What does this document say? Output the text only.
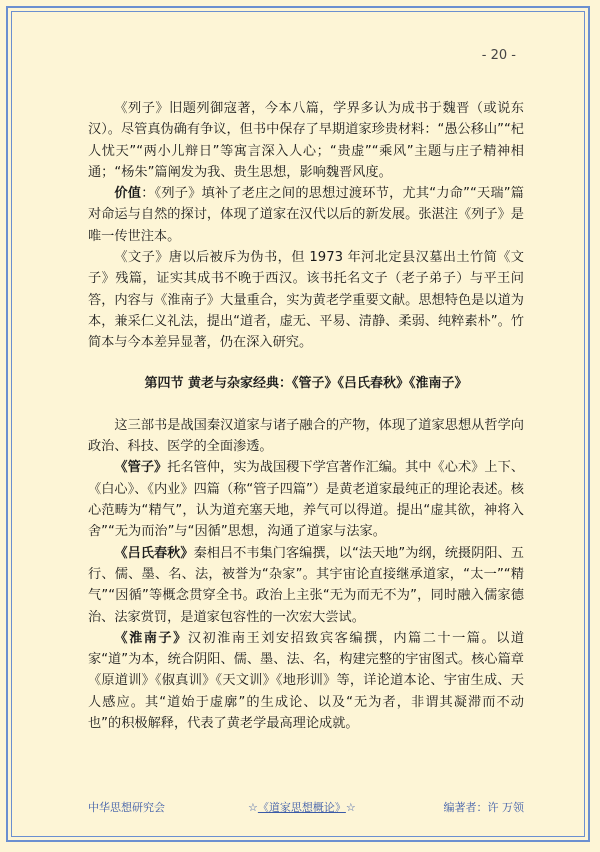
- 20 -

《列子》旧题列御寇著，今本八篇，学界多认为成书于魏晋（或说东汉）。尽管真伪确有争议，但书中保存了早期道家珍贵材料：“愚公移山”“杞人忧天”“两小儿辩日”等寓言深入人心；“贵虚”“乘风”主题与庄子精神相通；“杨朱”篇阐发为我、贵生思想，影响魏晋风度。

价值：《列子》填补了老庄之间的思想过渡环节，尤其“力命”“天瑞”篇对命运与自然的探讨，体现了道家在汉代以后的新发展。张湛注《列子》是唯一传世注本。

《文子》唐以后被斥为伪书，但 1973 年河北定县汉墓出土竹简《文子》残篇，证实其成书不晚于西汉。该书托名文子（老子弟子）与平王问答，内容与《淮南子》大量重合，实为黄老学重要文献。思想特色是以道为本，兼采仁义礼法，提出“道者，虚无、平易、清静、柔弱、纯粹素朴”。竹简本与今本差异显著，仍在深入研究。

第四节 黄老与杂家经典：《管子》《吕氏春秋》《淮南子》

这三部书是战国秦汉道家与诸子融合的产物，体现了道家思想从哲学向政治、科技、医学的全面渗透。

《管子》托名管仲，实为战国稷下学宫著作汇编。其中《心术》上下、《白心》、《内业》四篇（称“管子四篇”）是黄老道家最纯正的理论表述。核心范畴为“精气”，认为道充塞天地，养气可以得道。提出“虚其欲，神将入舍”“无为而治”与“因循”思想，沟通了道家与法家。

《吕氏春秋》秦相吕不韦集门客编撰，以“法天地”为纲，统摄阴阳、五行、儒、墨、名、法，被誉为“杂家”。其宇宙论直接继承道家，“太一”“精气”“因循”等概念贯穿全书。政治上主张“无为而无不为”，同时融入儒家德治、法家赏罚，是道家包容性的一次宏大尝试。

《淮南子》汉初淮南王刘安招致宾客编撰，内篇二十一篇。以道家“道”为本，统合阴阳、儒、墨、法、名，构建完整的宇宙图式。核心篇章《原道训》《俶真训》《天文训》《地形训》等，详论道本论、宇宙生成、天人感应。其“道始于虚廓”的生成论、以及“无为者，非谓其凝滞而不动也”的积极解释，代表了黄老学最高理论成就。

中华思想研究会	☆《道家思想概论》☆	编著者：许 万领
